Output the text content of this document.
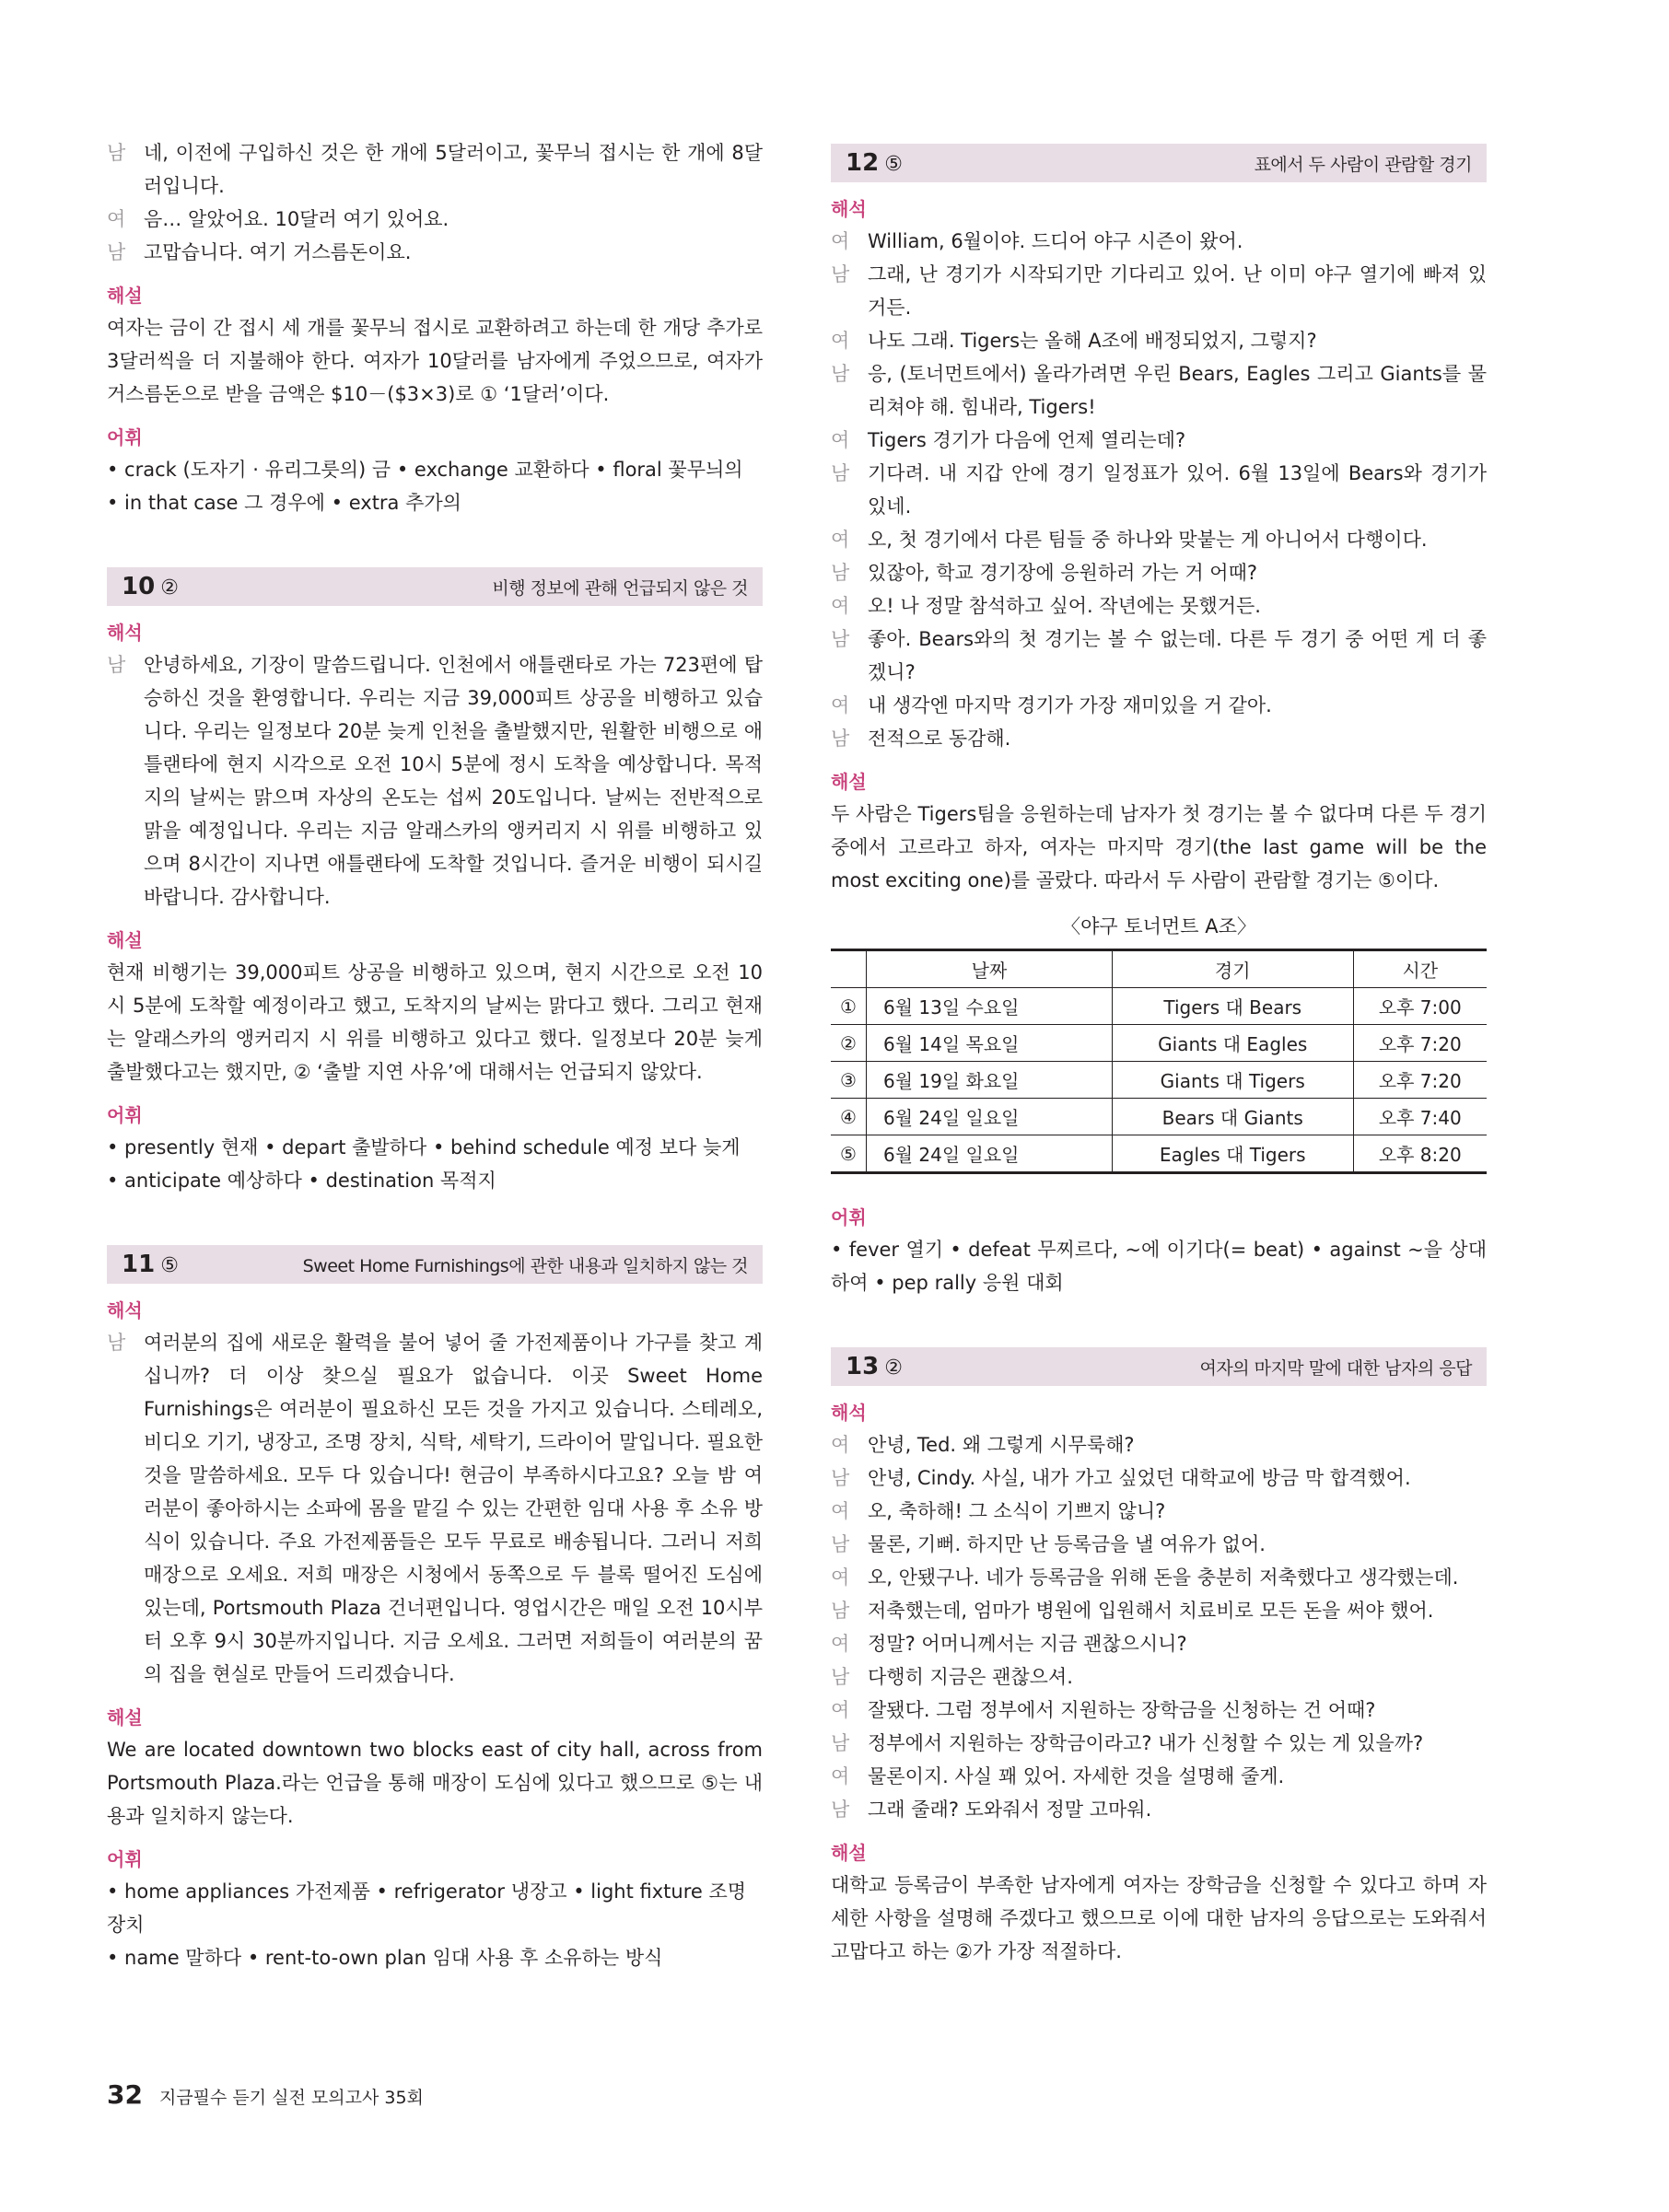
남 네, 이전에 구입하신 것은 한 개에 5달러이고, 꽃무늬 접시는 한 개에 8달러입니다.
여 음… 알았어요. 10달러 여기 있어요.
남 고맙습니다. 여기 거스름돈이요.
해설
여자는 금이 간 접시 세 개를 꽃무늬 접시로 교환하려고 하는데 한 개당 추가로 3달러씩을 더 지불해야 한다. 여자가 10달러를 남자에게 주었으므로, 여자가 거스름돈으로 받을 금액은 $10－($3×3)로 ① ‘1달러’이다.
어휘
• crack (도자기 · 유리그릇의) 금 • exchange 교환하다 • floral 꽃무늬의
• in that case 그 경우에 • extra 추가의
10 ②	비행 정보에 관해 언급되지 않은 것
해석
남 안녕하세요, 기장이 말씀드립니다. 인천에서 애틀랜타로 가는 723편에 탑승하신 것을 환영합니다. 우리는 지금 39,000피트 상공을 비행하고 있습니다. 우리는 일정보다 20분 늦게 인천을 출발했지만, 원활한 비행으로 애틀랜타에 현지 시각으로 오전 10시 5분에 정시 도착을 예상합니다. 목적지의 날씨는 맑으며 자상의 온도는 섭씨 20도입니다. 날씨는 전반적으로 맑을 예정입니다. 우리는 지금 알래스카의 앵커리지 시 위를 비행하고 있으며 8시간이 지나면 애틀랜타에 도착할 것입니다. 즐거운 비행이 되시길 바랍니다. 감사합니다.
해설
현재 비행기는 39,000피트 상공을 비행하고 있으며, 현지 시간으로 오전 10시 5분에 도착할 예정이라고 했고, 도착지의 날씨는 맑다고 했다. 그리고 현재는 알래스카의 앵커리지 시 위를 비행하고 있다고 했다. 일정보다 20분 늦게 출발했다고는 했지만, ② ‘출발 지연 사유’에 대해서는 언급되지 않았다.
어휘
• presently 현재 • depart 출발하다 • behind schedule 예정 보다 늦게
• anticipate 예상하다 • destination 목적지
11 ⑤	Sweet Home Furnishings에 관한 내용과 일치하지 않는 것
해석
남 여러분의 집에 새로운 활력을 불어 넣어 줄 가전제품이나 가구를 찾고 계십니까? 더 이상 찾으실 필요가 없습니다. 이곳 Sweet Home Furnishings은 여러분이 필요하신 모든 것을 가지고 있습니다. 스테레오, 비디오 기기, 냉장고, 조명 장치, 식탁, 세탁기, 드라이어 말입니다. 필요한 것을 말씀하세요. 모두 다 있습니다! 현금이 부족하시다고요? 오늘 밤 여러분이 좋아하시는 소파에 몸을 맡길 수 있는 간편한 임대 사용 후 소유 방식이 있습니다. 주요 가전제품들은 모두 무료로 배송됩니다. 그러니 저희 매장으로 오세요. 저희 매장은 시청에서 동쪽으로 두 블록 떨어진 도심에 있는데, Portsmouth Plaza 건너편입니다. 영업시간은 매일 오전 10시부터 오후 9시 30분까지입니다. 지금 오세요. 그러면 저희들이 여러분의 꿈의 집을 현실로 만들어 드리겠습니다.
해설
We are located downtown two blocks east of city hall, across from Portsmouth Plaza.라는 언급을 통해 매장이 도심에 있다고 했으므로 ⑤는 내용과 일치하지 않는다.
어휘
• home appliances 가전제품 • refrigerator 냉장고 • light fixture 조명 장치
• name 말하다 • rent-to-own plan 임대 사용 후 소유하는 방식
12 ⑤	표에서 두 사람이 관람할 경기
해석
여 William, 6월이야. 드디어 야구 시즌이 왔어.
남 그래, 난 경기가 시작되기만 기다리고 있어. 난 이미 야구 열기에 빠져 있거든.
여 나도 그래. Tigers는 올해 A조에 배정되었지, 그렇지?
남 응, (토너먼트에서) 올라가려면 우린 Bears, Eagles 그리고 Giants를 물리쳐야 해. 힘내라, Tigers!
여 Tigers 경기가 다음에 언제 열리는데?
남 기다려. 내 지갑 안에 경기 일정표가 있어. 6월 13일에 Bears와 경기가 있네.
여 오, 첫 경기에서 다른 팀들 중 하나와 맞붙는 게 아니어서 다행이다.
남 있잖아, 학교 경기장에 응원하러 가는 거 어때?
여 오! 나 정말 참석하고 싶어. 작년에는 못했거든.
남 좋아. Bears와의 첫 경기는 볼 수 없는데. 다른 두 경기 중 어떤 게 더 좋겠니?
여 내 생각엔 마지막 경기가 가장 재미있을 거 같아.
남 전적으로 동감해.
해설
두 사람은 Tigers팀을 응원하는데 남자가 첫 경기는 볼 수 없다며 다른 두 경기 중에서 고르라고 하자, 여자는 마지막 경기(the last game will be the most exciting one)를 골랐다. 따라서 두 사람이 관람할 경기는 ⑤이다.
〈야구 토너먼트 A조〉
	날짜	경기	시간
①	6월 13일 수요일	Tigers 대 Bears	오후 7:00
②	6월 14일 목요일	Giants 대 Eagles	오후 7:20
③	6월 19일 화요일	Giants 대 Tigers	오후 7:20
④	6월 24일 일요일	Bears 대 Giants	오후 7:40
⑤	6월 24일 일요일	Eagles 대 Tigers	오후 8:20
어휘
• fever 열기 • defeat 무찌르다, ~에 이기다(= beat) • against ~을 상대하여 • pep rally 응원 대회
13 ②	여자의 마지막 말에 대한 남자의 응답
해석
여 안녕, Ted. 왜 그렇게 시무룩해?
남 안녕, Cindy. 사실, 내가 가고 싶었던 대학교에 방금 막 합격했어.
여 오, 축하해! 그 소식이 기쁘지 않니?
남 물론, 기뻐. 하지만 난 등록금을 낼 여유가 없어.
여 오, 안됐구나. 네가 등록금을 위해 돈을 충분히 저축했다고 생각했는데.
남 저축했는데, 엄마가 병원에 입원해서 치료비로 모든 돈을 써야 했어.
여 정말? 어머니께서는 지금 괜찮으시니?
남 다행히 지금은 괜찮으셔.
여 잘됐다. 그럼 정부에서 지원하는 장학금을 신청하는 건 어때?
남 정부에서 지원하는 장학금이라고? 내가 신청할 수 있는 게 있을까?
여 물론이지. 사실 꽤 있어. 자세한 것을 설명해 줄게.
남 그래 줄래? 도와줘서 정말 고마워.
해설
대학교 등록금이 부족한 남자에게 여자는 장학금을 신청할 수 있다고 하며 자세한 사항을 설명해 주겠다고 했으므로 이에 대한 남자의 응답으로는 도와줘서 고맙다고 하는 ②가 가장 적절하다.
32 지금필수 듣기 실전 모의고사 35회
